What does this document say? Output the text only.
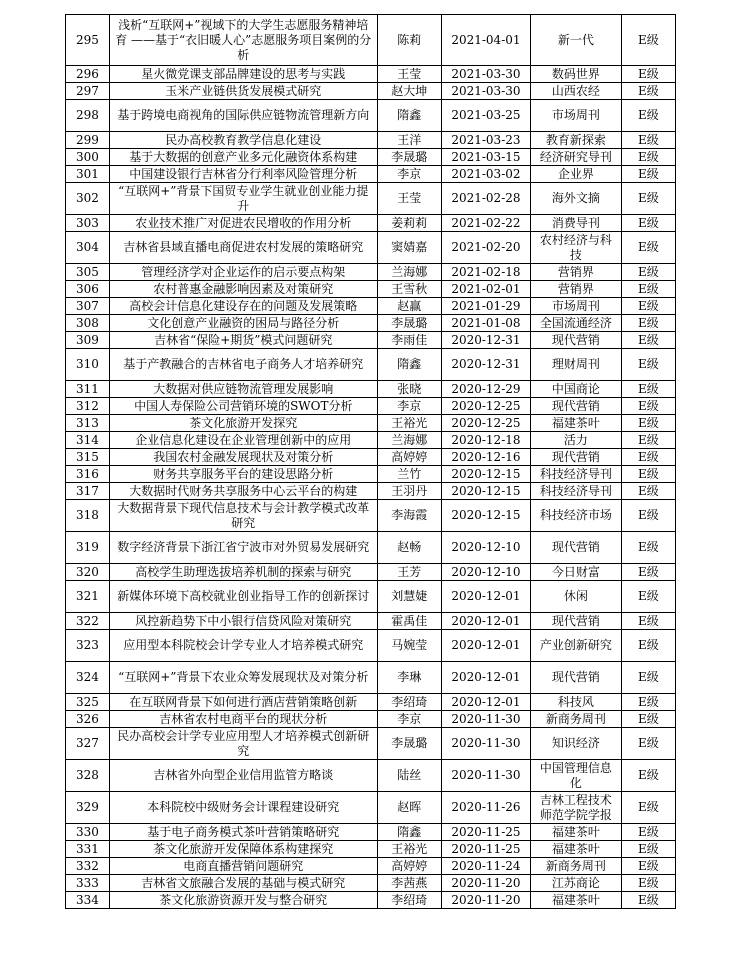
295	浅析“互联网+”视域下的大学生志愿服务精神培育 ——基于“衣旧暖人心”志愿服务项目案例的分析	陈莉	2021-04-01	新一代	E级
296	星火微党课支部品牌建设的思考与实践	王莹	2021-03-30	数码世界	E级
297	玉米产业链供货发展模式研究	赵大坤	2021-03-30	山西农经	E级
298	基于跨境电商视角的国际供应链物流管理新方向	隋鑫	2021-03-25	市场周刊	E级
299	民办高校教育教学信息化建设	王洋	2021-03-23	教育新探索	E级
300	基于大数据的创意产业多元化融资体系构建	李晟璐	2021-03-15	经济研究导刊	E级
301	中国建设银行吉林省分行利率风险管理分析	李京	2021-03-02	企业界	E级
302	“互联网+”背景下国贸专业学生就业创业能力提升	王莹	2021-02-28	海外文摘	E级
303	农业技术推广对促进农民增收的作用分析	姜莉莉	2021-02-22	消费导刊	E级
304	吉林省县域直播电商促进农村发展的策略研究	窦婧嘉	2021-02-20	农村经济与科技	E级
305	管理经济学对企业运作的启示要点构架	兰海娜	2021-02-18	营销界	E级
306	农村普惠金融影响因素及对策研究	王雪秋	2021-02-01	营销界	E级
307	高校会计信息化建设存在的问题及发展策略	赵赢	2021-01-29	市场周刊	E级
308	文化创意产业融资的困局与路径分析	李晟璐	2021-01-08	全国流通经济	E级
309	吉林省“保险+期货”模式问题研究	李雨佳	2020-12-31	现代营销	E级
310	基于产教融合的吉林省电子商务人才培养研究	隋鑫	2020-12-31	理财周刊	E级
311	大数据对供应链物流管理发展影响	张晓	2020-12-29	中国商论	E级
312	中国人寿保险公司营销环境的SWOT分析	李京	2020-12-25	现代营销	E级
313	茶文化旅游开发探究	王裕光	2020-12-25	福建茶叶	E级
314	企业信息化建设在企业管理创新中的应用	兰海娜	2020-12-18	活力	E级
315	我国农村金融发展现状及对策分析	高婷婷	2020-12-16	现代营销	E级
316	财务共享服务平台的建设思路分析	兰竹	2020-12-15	科技经济导刊	E级
317	大数据时代财务共享服务中心云平台的构建	王羽丹	2020-12-15	科技经济导刊	E级
318	大数据背景下现代信息技术与会计教学模式改革研究	李海霞	2020-12-15	科技经济市场	E级
319	数字经济背景下浙江省宁波市对外贸易发展研究	赵畅	2020-12-10	现代营销	E级
320	高校学生助理选拔培养机制的探索与研究	王芳	2020-12-10	今日财富	E级
321	新媒体环境下高校就业创业指导工作的创新探讨	刘慧婕	2020-12-01	休闲	E级
322	风控新趋势下中小银行信贷风险对策研究	霍禹佳	2020-12-01	现代营销	E级
323	应用型本科院校会计学专业人才培养模式研究	马婉莹	2020-12-01	产业创新研究	E级
324	“互联网+”背景下农业众筹发展现状及对策分析	李琳	2020-12-01	现代营销	E级
325	在互联网背景下如何进行酒店营销策略创新	李绍琦	2020-12-01	科技风	E级
326	吉林省农村电商平台的现状分析	李京	2020-11-30	新商务周刊	E级
327	民办高校会计学专业应用型人才培养模式创新研究	李晟璐	2020-11-30	知识经济	E级
328	吉林省外向型企业信用监管方略谈	陆丝	2020-11-30	中国管理信息化	E级
329	本科院校中级财务会计课程建设研究	赵晖	2020-11-26	吉林工程技术师范学院学报	E级
330	基于电子商务模式茶叶营销策略研究	隋鑫	2020-11-25	福建茶叶	E级
331	茶文化旅游开发保障体系构建探究	王裕光	2020-11-25	福建茶叶	E级
332	电商直播营销问题研究	高婷婷	2020-11-24	新商务周刊	E级
333	吉林省文旅融合发展的基础与模式研究	李茜燕	2020-11-20	江苏商论	E级
334	茶文化旅游资源开发与整合研究	李绍琦	2020-11-20	福建茶叶	E级
